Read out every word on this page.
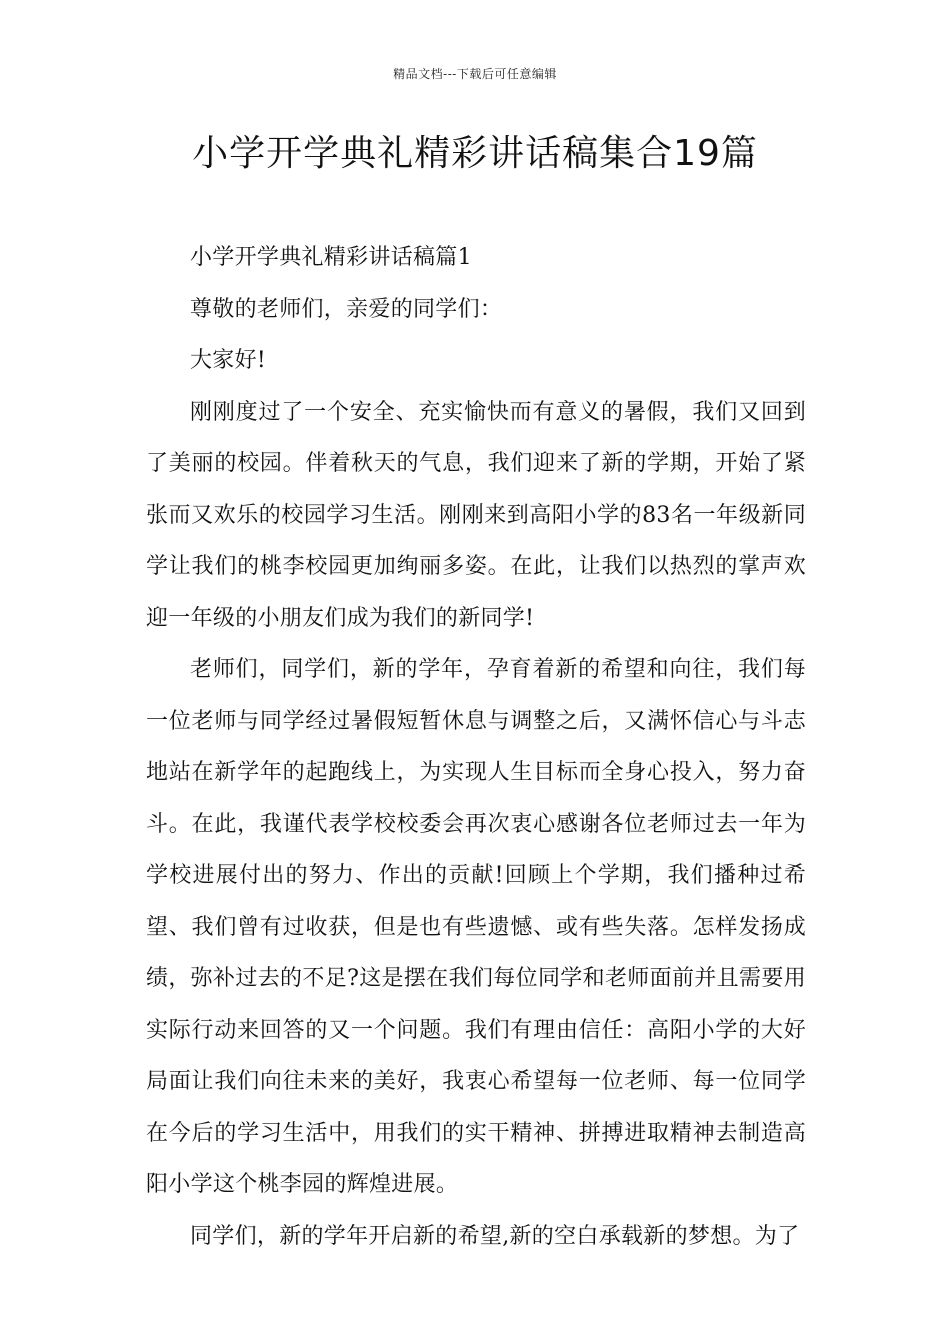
精品文档---下载后可任意编辑
小学开学典礼精彩讲话稿集合19篇

小学开学典礼精彩讲话稿篇1

尊敬的老师们，亲爱的同学们：

大家好!

刚刚度过了一个安全、充实愉快而有意义的暑假，我们又回到了美丽的校园。伴着秋天的气息，我们迎来了新的学期，开始了紧张而又欢乐的校园学习生活。刚刚来到高阳小学的83名一年级新同学让我们的桃李校园更加绚丽多姿。在此，让我们以热烈的掌声欢迎一年级的小朋友们成为我们的新同学!

老师们，同学们，新的学年，孕育着新的希望和向往，我们每一位老师与同学经过暑假短暂休息与调整之后，又满怀信心与斗志地站在新学年的起跑线上，为实现人生目标而全身心投入，努力奋斗。在此，我谨代表学校校委会再次衷心感谢各位老师过去一年为学校进展付出的努力、作出的贡献!回顾上个学期，我们播种过希望、我们曾有过收获，但是也有些遗憾、或有些失落。怎样发扬成绩，弥补过去的不足?这是摆在我们每位同学和老师面前并且需要用实际行动来回答的又一个问题。我们有理由信任：高阳小学的大好局面让我们向往未来的美好，我衷心希望每一位老师、每一位同学在今后的学习生活中，用我们的实干精神、拼搏进取精神去制造高阳小学这个桃李园的辉煌进展。

同学们，新的学年开启新的希望,新的空白承载新的梦想。为了
